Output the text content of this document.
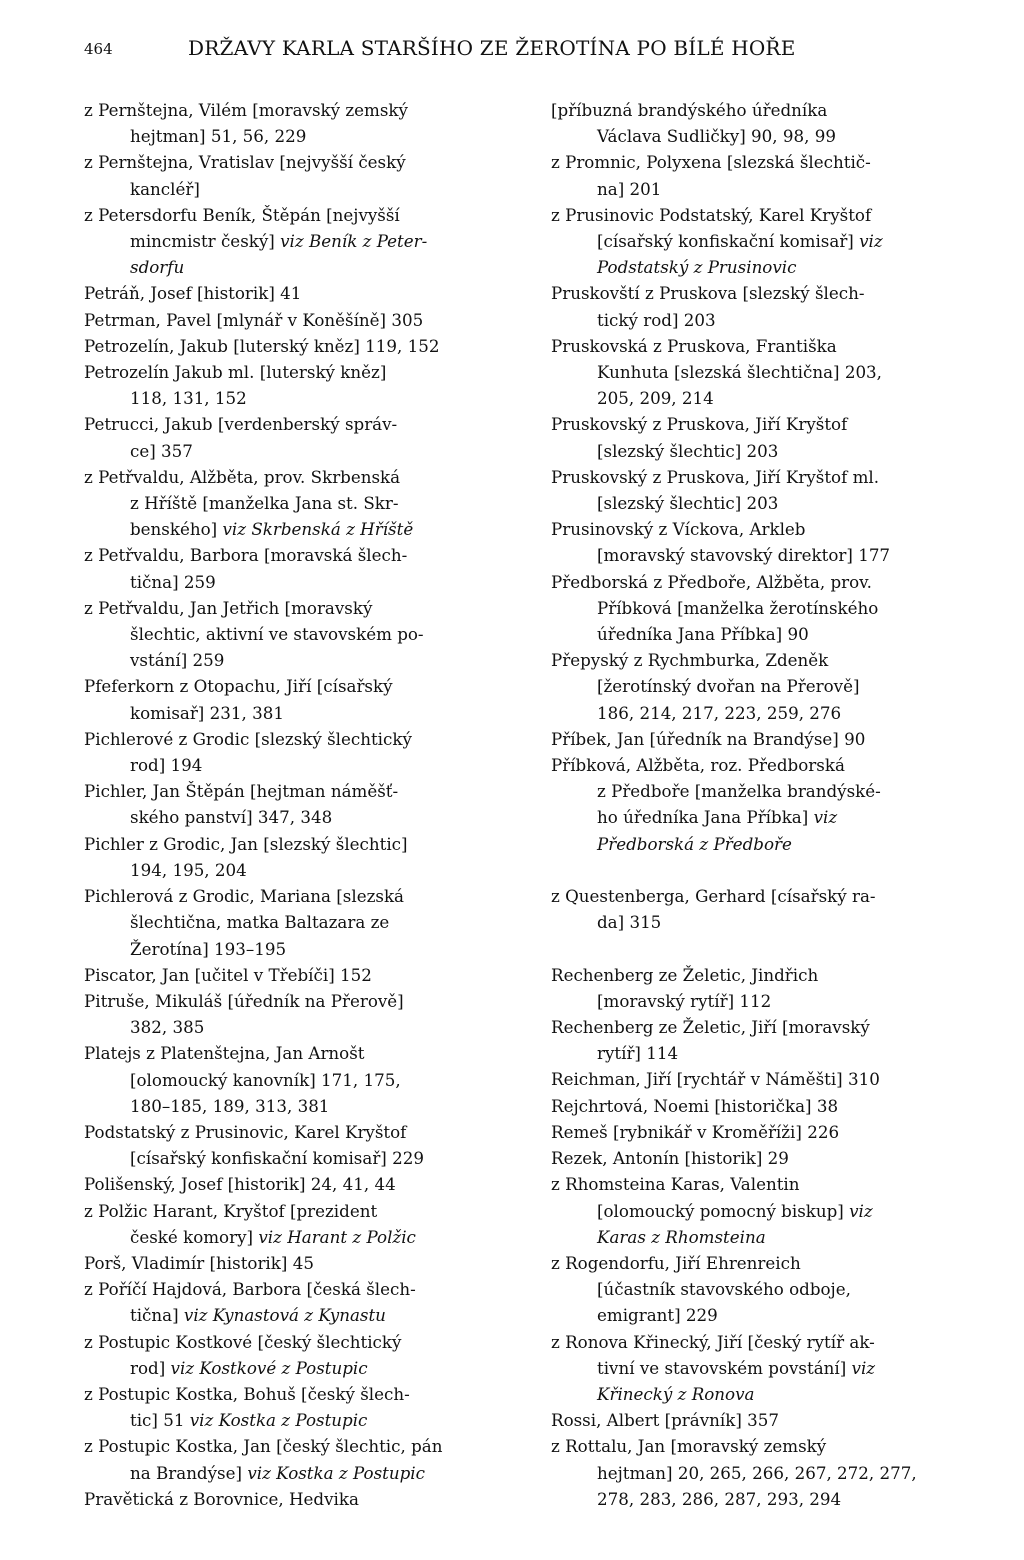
464	DRŽAVY KARLA STARŠÍHO ZE ŽEROTÍNA PO BÍLÉ HOŘE
z Pernštejna, Vilém [moravský zemský
hejtman] 51, 56, 229
z Pernštejna, Vratislav [nejvyšší český
kancléř]
z Petersdorfu Beník, Štěpán [nejvyšší
mincmistr český] viz Beník z Peter-
sdorfu
Petráň, Josef [historik] 41
Petrman, Pavel [mlynář v Koněšíně] 305
Petrozelín, Jakub [luterský kněz] 119, 152
Petrozelín Jakub ml. [luterský kněz]
118, 131, 152
Petrucci, Jakub [verdenberský správ-
ce] 357
z Petřvaldu, Alžběta, prov. Skrbenská
z Hříště [manželka Jana st. Skr-
benského] viz Skrbenská z Hříště
z Petřvaldu, Barbora [moravská šlech-
tična] 259
z Petřvaldu, Jan Jetřich [moravský
šlechtic, aktivní ve stavovském po-
vstání] 259
Pfeferkorn z Otopachu, Jiří [císařský
komisař] 231, 381
Pichlerové z Grodic [slezský šlechtický
rod] 194
Pichler, Jan Štěpán [hejtman náměšť-
ského panství] 347, 348
Pichler z Grodic, Jan [slezský šlechtic]
194, 195, 204
Pichlerová z Grodic, Mariana [slezská
šlechtična, matka Baltazara ze
Žerotína] 193–195
Piscator, Jan [učitel v Třebíči] 152
Pitruše, Mikuláš [úředník na Přerově]
382, 385
Platejs z Platenštejna, Jan Arnošt
[olomoucký kanovník] 171, 175,
180–185, 189, 313, 381
Podstatský z Prusinovic, Karel Kryštof
[císařský konfiskační komisař] 229
Polišenský, Josef [historik] 24, 41, 44
z Polžic Harant, Kryštof [prezident
české komory] viz Harant z Polžic
Porš, Vladimír [historik] 45
z Poříčí Hajdová, Barbora [česká šlech-
tična] viz Kynastová z Kynastu
z Postupic Kostkové [český šlechtický
rod] viz Kostkové z Postupic
z Postupic Kostka, Bohuš [český šlech-
tic] 51 viz Kostka z Postupic
z Postupic Kostka, Jan [český šlechtic, pán
na Brandýse] viz Kostka z Postupic
Pravětická z Borovnice, Hedvika
[příbuzná brandýského úředníka
Václava Sudličky] 90, 98, 99
z Promnic, Polyxena [slezská šlechtič-
na] 201
z Prusinovic Podstatský, Karel Kryštof
[císařský konfiskační komisař] viz
Podstatský z Prusinovic
Pruskovští z Pruskova [slezský šlech-
tický rod] 203
Pruskovská z Pruskova, Františka
Kunhuta [slezská šlechtična] 203,
205, 209, 214
Pruskovský z Pruskova, Jiří Kryštof
[slezský šlechtic] 203
Pruskovský z Pruskova, Jiří Kryštof ml.
[slezský šlechtic] 203
Prusinovský z Víckova, Arkleb
[moravský stavovský direktor] 177
Předborská z Předboře, Alžběta, prov.
Příbková [manželka žerotínského
úředníka Jana Příbka] 90
Přepyský z Rychmburka, Zdeněk
[žerotínský dvořan na Přerově]
186, 214, 217, 223, 259, 276
Příbek, Jan [úředník na Brandýse] 90
Příbková, Alžběta, roz. Předborská
z Předboře [manželka brandýské-
ho úředníka Jana Příbka] viz
Předborská z Předboře
z Questenberga, Gerhard [císařský ra-
da] 315
Rechenberg ze Želetic, Jindřich
[moravský rytíř] 112
Rechenberg ze Želetic, Jiří [moravský
rytíř] 114
Reichman, Jiří [rychtář v Náměšti] 310
Rejchrtová, Noemi [historička] 38
Remeš [rybnikář v Kroměříži] 226
Rezek, Antonín [historik] 29
z Rhomsteina Karas, Valentin
[olomoucký pomocný biskup] viz
Karas z Rhomsteina
z Rogendorfu, Jiří Ehrenreich
[účastník stavovského odboje,
emigrant] 229
z Ronova Křinecký, Jiří [český rytíř ak-
tivní ve stavovském povstání] viz
Křinecký z Ronova
Rossi, Albert [právník] 357
z Rottalu, Jan [moravský zemský
hejtman] 20, 265, 266, 267, 272, 277,
278, 283, 286, 287, 293, 294
